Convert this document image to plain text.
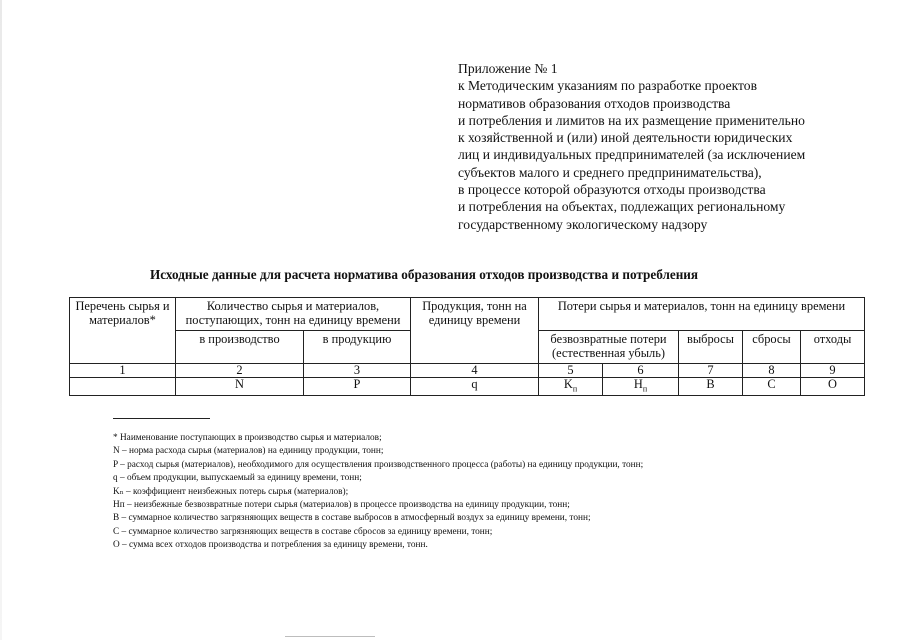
Приложение № 1
к Методическим указаниям по разработке проектов
нормативов образования отходов производства
и потребления и лимитов на их размещение применительно
к хозяйственной и (или) иной деятельности юридических
лиц и индивидуальных предпринимателей (за исключением
субъектов малого и среднего предпринимательства),
в процессе которой образуются отходы производства
и потребления на объектах, подлежащих региональному
государственному экологическому надзору
Исходные данные для расчета норматива образования отходов производства и потребления
Перечень сырья и материалов*	Количество сырья и материалов, поступающих, тонн на единицу времени		Продукция, тонн на единицу времени	Потери сырья и материалов, тонн на единицу времени				
	в производство	в продукцию		безвозвратные потери (естественная убыль)		выбросы	сбросы	отходы
1	2	3	4	5	6	7	8	9
	N	P	q	$K_п$	$H_п$	B	C	O
* Наименование поступающих в производство сырья и материалов;
N – норма расхода сырья (материалов) на единицу продукции, тонн;
P – расход сырья (материалов), необходимого для осуществления производственного процесса (работы) на единицу продукции, тонн;
q – объем продукции, выпускаемый за единицу времени, тонн;
Kₙ – коэффициент неизбежных потерь сырья (материалов);
Hп – неизбежные безвозвратные потери сырья (материалов) в процессе производства на единицу продукции, тонн;
B – суммарное количество загрязняющих веществ в составе выбросов в атмосферный воздух за единицу времени, тонн;
C – суммарное количество загрязняющих веществ в составе сбросов за единицу времени, тонн;
O – сумма всех отходов производства и потребления за единицу времени, тонн.
